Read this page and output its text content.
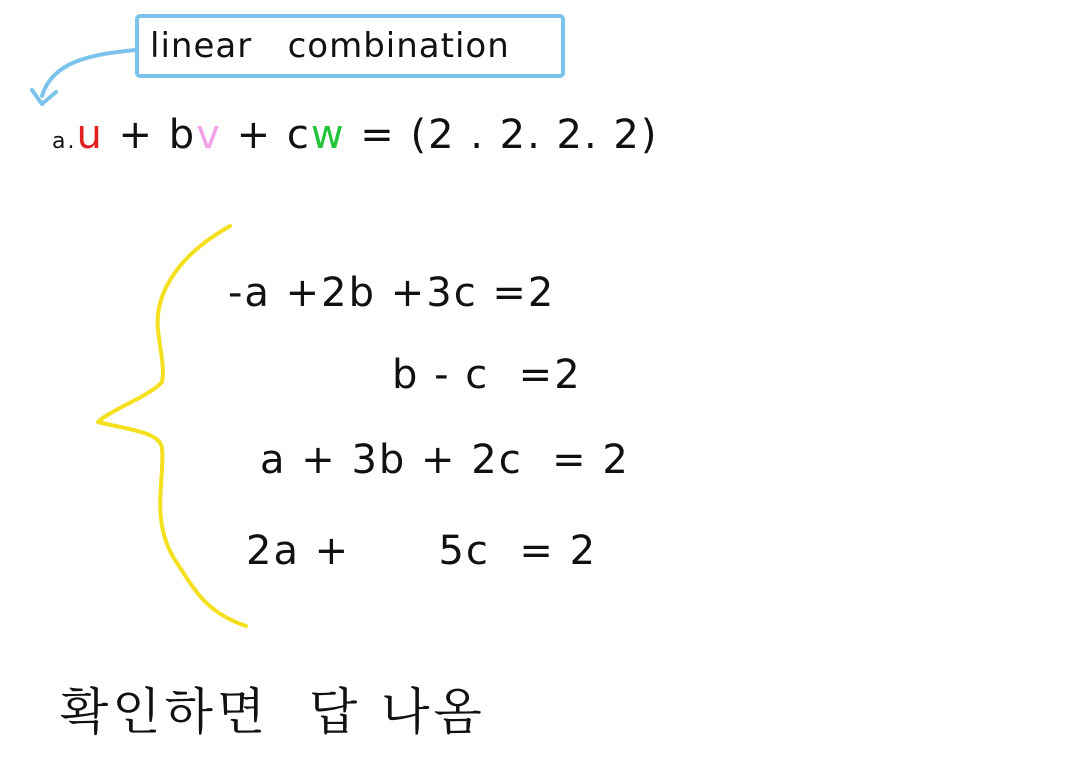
linear   combination
a.u + bv + cw = (2 . 2. 2. 2)
-a +2b +3c =2
b - c  =2
a + 3b + 2c  = 2
2a +      5c  = 2
확인하면  답 나옴
